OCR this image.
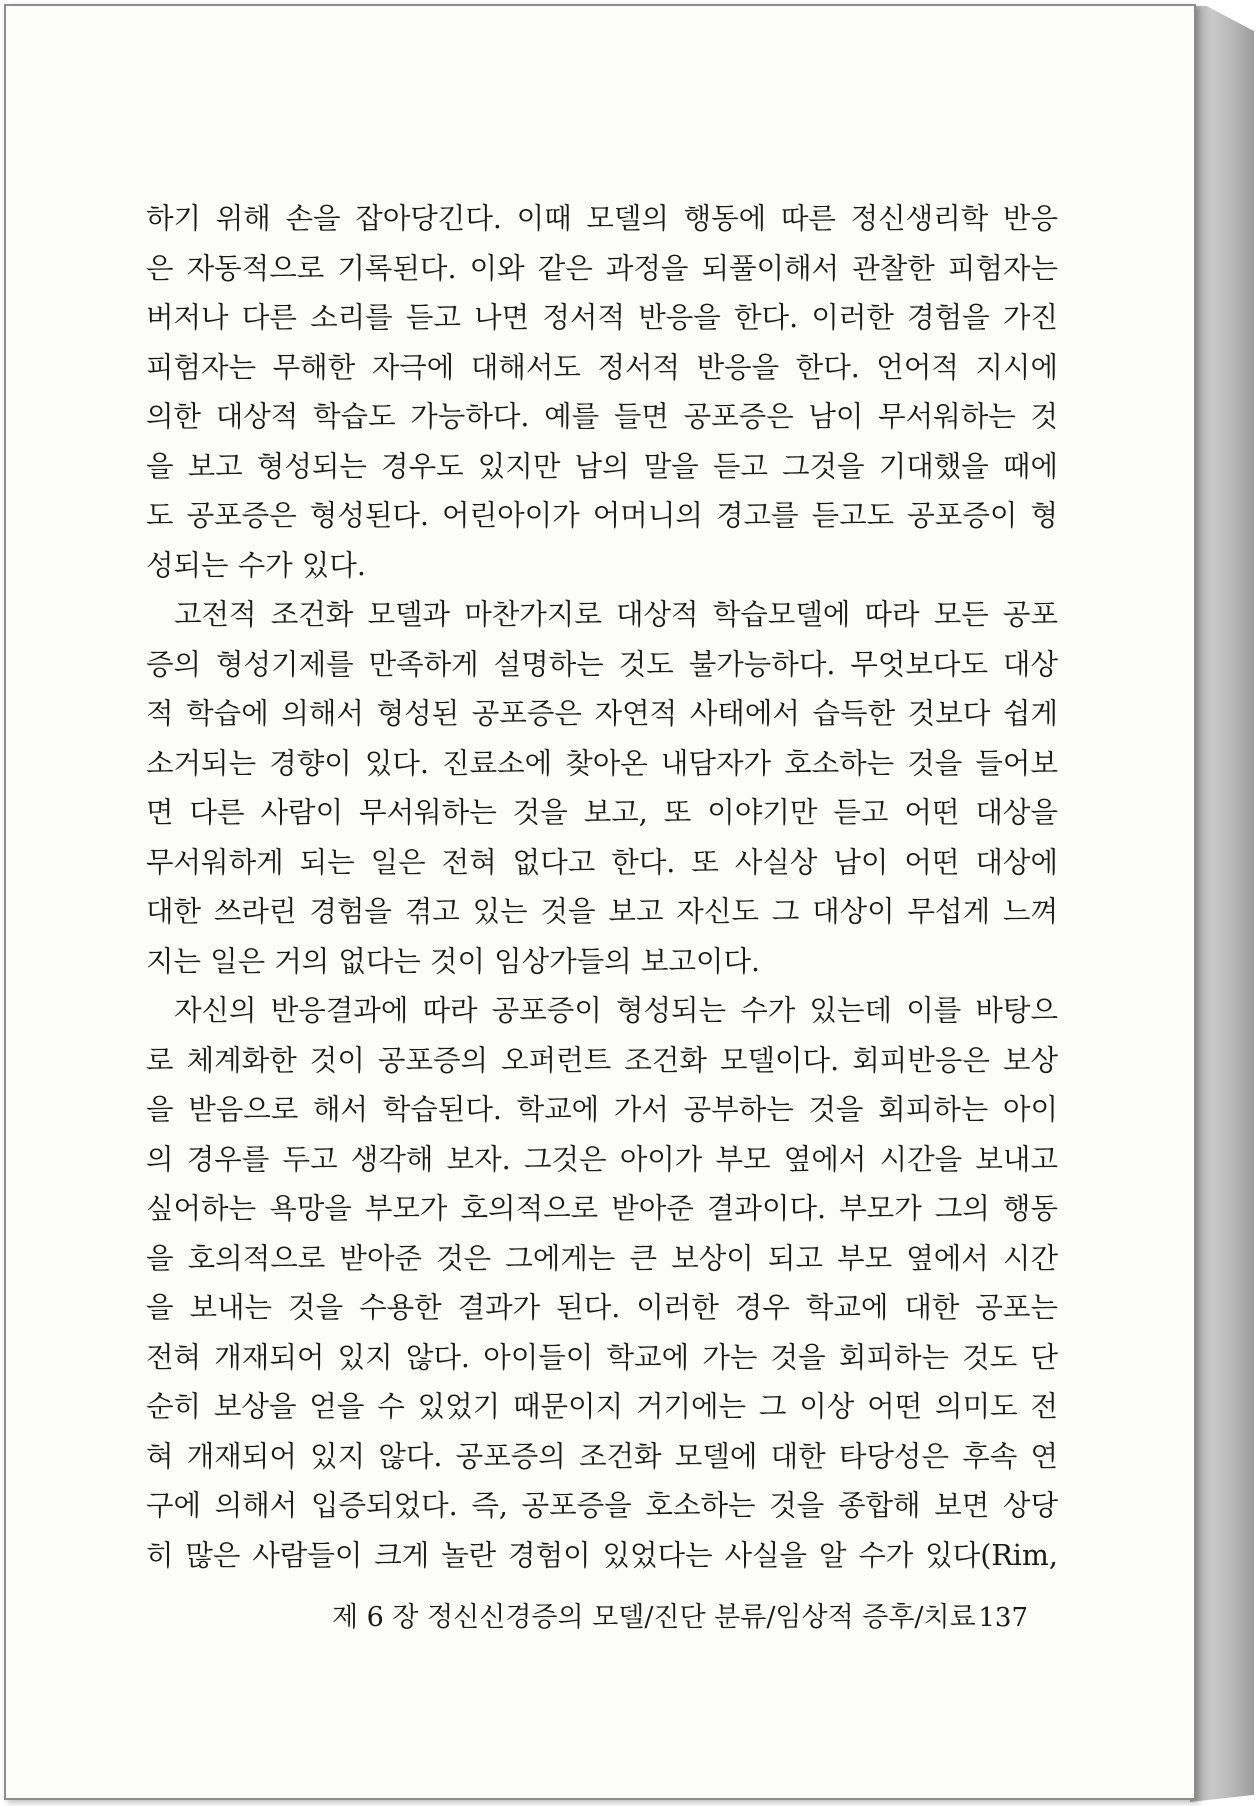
하기 위해 손을 잡아당긴다. 이때 모델의 행동에 따른 정신생리학 반응
은 자동적으로 기록된다. 이와 같은 과정을 되풀이해서 관찰한 피험자는
버저나 다른 소리를 듣고 나면 정서적 반응을 한다. 이러한 경험을 가진
피험자는 무해한 자극에 대해서도 정서적 반응을 한다. 언어적 지시에
의한 대상적 학습도 가능하다. 예를 들면 공포증은 남이 무서워하는 것
을 보고 형성되는 경우도 있지만 남의 말을 듣고 그것을 기대했을 때에
도 공포증은 형성된다. 어린아이가 어머니의 경고를 듣고도 공포증이 형
성되는 수가 있다.
고전적 조건화 모델과 마찬가지로 대상적 학습모델에 따라 모든 공포
증의 형성기제를 만족하게 설명하는 것도 불가능하다. 무엇보다도 대상
적 학습에 의해서 형성된 공포증은 자연적 사태에서 습득한 것보다 쉽게
소거되는 경향이 있다. 진료소에 찾아온 내담자가 호소하는 것을 들어보
면 다른 사람이 무서워하는 것을 보고, 또 이야기만 듣고 어떤 대상을
무서워하게 되는 일은 전혀 없다고 한다. 또 사실상 남이 어떤 대상에
대한 쓰라린 경험을 겪고 있는 것을 보고 자신도 그 대상이 무섭게 느껴
지는 일은 거의 없다는 것이 임상가들의 보고이다.
자신의 반응결과에 따라 공포증이 형성되는 수가 있는데 이를 바탕으
로 체계화한 것이 공포증의 오퍼런트 조건화 모델이다. 회피반응은 보상
을 받음으로 해서 학습된다. 학교에 가서 공부하는 것을 회피하는 아이
의 경우를 두고 생각해 보자. 그것은 아이가 부모 옆에서 시간을 보내고
싶어하는 욕망을 부모가 호의적으로 받아준 결과이다. 부모가 그의 행동
을 호의적으로 받아준 것은 그에게는 큰 보상이 되고 부모 옆에서 시간
을 보내는 것을 수용한 결과가 된다. 이러한 경우 학교에 대한 공포는
전혀 개재되어 있지 않다. 아이들이 학교에 가는 것을 회피하는 것도 단
순히 보상을 얻을 수 있었기 때문이지 거기에는 그 이상 어떤 의미도 전
혀 개재되어 있지 않다. 공포증의 조건화 모델에 대한 타당성은 후속 연
구에 의해서 입증되었다. 즉, 공포증을 호소하는 것을 종합해 보면 상당
히 많은 사람들이 크게 놀란 경험이 있었다는 사실을 알 수가 있다(Rim,
제 6 장 정신신경증의 모델/진단 분류/임상적 증후/치료 137
